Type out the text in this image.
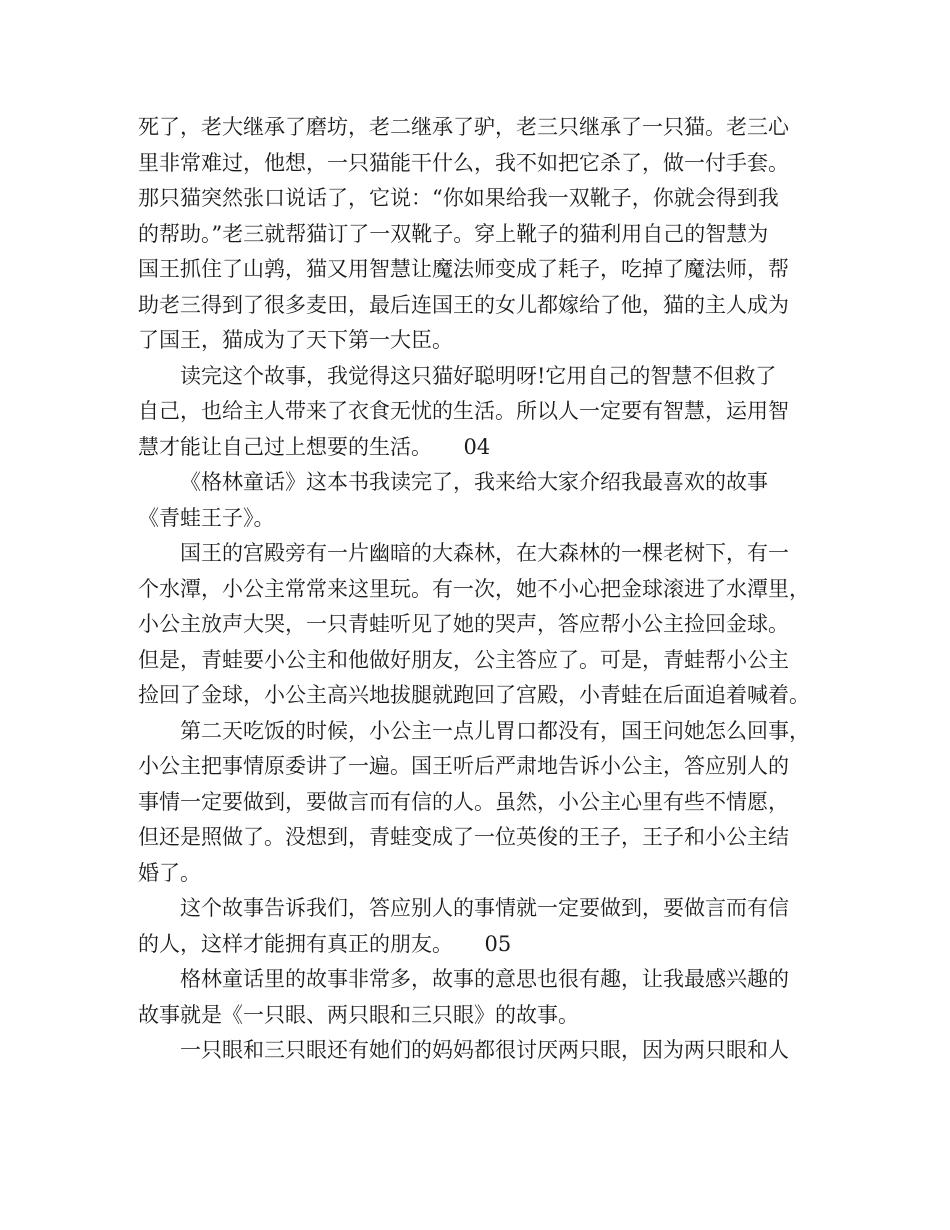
死了，老大继承了磨坊，老二继承了驴，老三只继承了一只猫。老三心
里非常难过，他想，一只猫能干什么，我不如把它杀了，做一付手套。
那只猫突然张口说话了，它说：“你如果给我一双靴子，你就会得到我
的帮助。”老三就帮猫订了一双靴子。穿上靴子的猫利用自己的智慧为
国王抓住了山鹑，猫又用智慧让魔法师变成了耗子，吃掉了魔法师，帮
助老三得到了很多麦田，最后连国王的女儿都嫁给了他，猫的主人成为
了国王，猫成为了天下第一大臣。
读完这个故事，我觉得这只猫好聪明呀!它用自己的智慧不但救了
自己，也给主人带来了衣食无忧的生活。所以人一定要有智慧，运用智
慧才能让自己过上想要的生活。　　04
《格林童话》这本书我读完了，我来给大家介绍我最喜欢的故事
《青蛙王子》。
国王的宫殿旁有一片幽暗的大森林，在大森林的一棵老树下，有一
个水潭，小公主常常来这里玩。有一次，她不小心把金球滚进了水潭里，
小公主放声大哭，一只青蛙听见了她的哭声，答应帮小公主捡回金球。
但是，青蛙要小公主和他做好朋友，公主答应了。可是，青蛙帮小公主
捡回了金球，小公主高兴地拔腿就跑回了宫殿，小青蛙在后面追着喊着。
第二天吃饭的时候，小公主一点儿胃口都没有，国王问她怎么回事，
小公主把事情原委讲了一遍。国王听后严肃地告诉小公主，答应别人的
事情一定要做到，要做言而有信的人。虽然，小公主心里有些不情愿，
但还是照做了。没想到，青蛙变成了一位英俊的王子，王子和小公主结
婚了。
这个故事告诉我们，答应别人的事情就一定要做到，要做言而有信
的人，这样才能拥有真正的朋友。　　05
格林童话里的故事非常多，故事的意思也很有趣，让我最感兴趣的
故事就是《一只眼、两只眼和三只眼》的故事。
一只眼和三只眼还有她们的妈妈都很讨厌两只眼，因为两只眼和人
